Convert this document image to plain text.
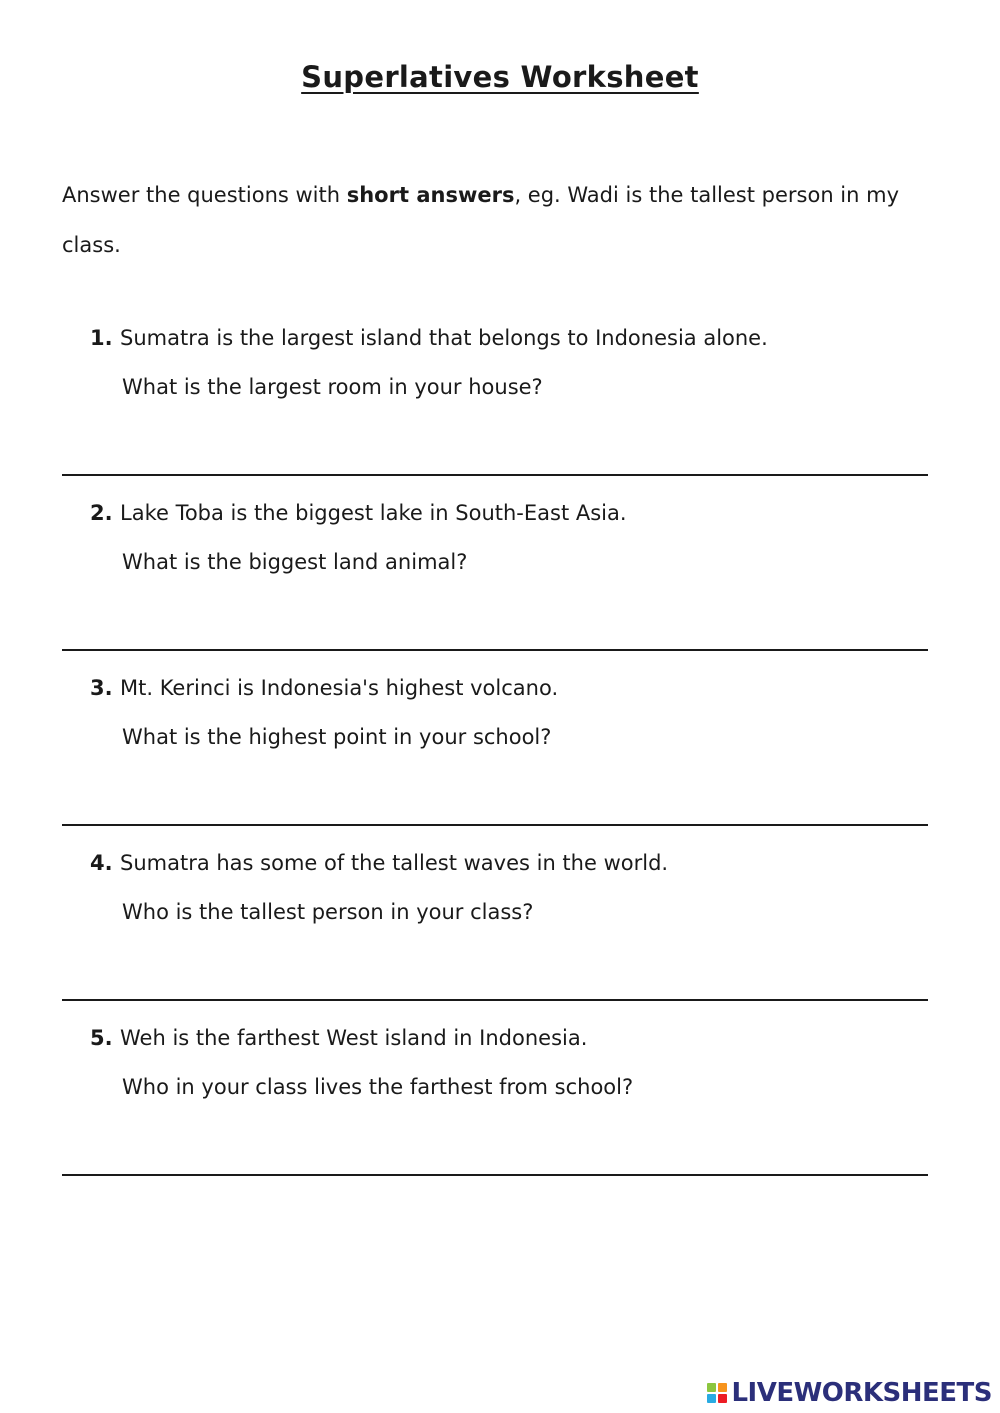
Superlatives Worksheet
Answer the questions with short answers, eg. Wadi is the tallest person in my class.
1. Sumatra is the largest island that belongs to Indonesia alone.
What is the largest room in your house?
2. Lake Toba is the biggest lake in South-East Asia.
What is the biggest land animal?
3. Mt. Kerinci is Indonesia's highest volcano.
What is the highest point in your school?
4. Sumatra has some of the tallest waves in the world.
Who is the tallest person in your class?
5. Weh is the farthest West island in Indonesia.
Who in your class lives the farthest from school?
LIVEWORKSHEETS
